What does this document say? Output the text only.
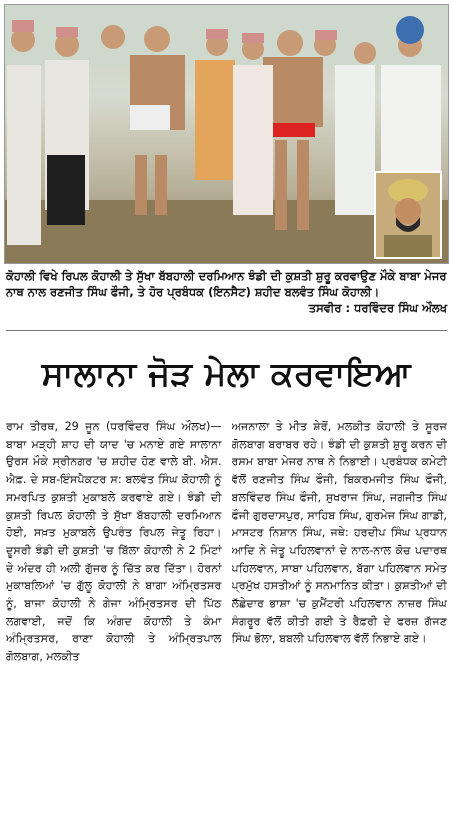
ਕੋਹਾਲੀ ਵਿਖੇ ਰਿਪਲ ਕੋਹਾਲੀ ਤੇ ਸੁੱਖਾ ਬੱਬਹਾਲੀ ਦਰਮਿਆਨ ਝੰਡੀ ਦੀ ਕੁਸ਼ਤੀ ਸ਼ੁਰੂ ਕਰਵਾਉਣ ਮੌਕੇ ਬਾਬਾ ਮੇਜਰ ਨਾਥ ਨਾਲ ਰਣਜੀਤ ਸਿੰਘ ਫੌਜੀ, ਤੇ ਹੋਰ ਪ੍ਰਬੰਧਕ (ਇਨਸੈਟ) ਸ਼ਹੀਦ ਬਲਵੰਤ ਸਿੰਘ ਕੋਹਾਲੀ।
ਤਸਵੀਰ : ਧਰਵਿੰਦਰ ਸਿੰਘ ਔਲਖ
ਸਾਲਾਨਾ ਜੋੜ ਮੇਲਾ ਕਰਵਾਇਆ
ਰਾਮ ਤੀਰਥ, 29 ਜੂਨ (ਧਰਵਿੰਦਰ ਸਿੰਘ ਔਲਖ)—ਬਾਬਾ ਮੜ੍ਹੀ ਸ਼ਾਹ ਦੀ ਯਾਦ 'ਚ ਮਨਾਏ ਗਏ ਸਾਲਾਨਾ ਉਰਸ ਮੌਕੇ ਸ੍ਰੀਨਗਰ 'ਚ ਸ਼ਹੀਦ ਹੋਣ ਵਾਲੇ ਬੀ. ਐਸ. ਐਫ਼. ਦੇ ਸਬ-ਇੰਸਪੈਕਟਰ ਸ: ਬਲਵੰਤ ਸਿੰਘ ਕੋਹਾਲੀ ਨੂੰ ਸਮਰਪਿਤ ਕੁਸ਼ਤੀ ਮੁਕਾਬਲੇ ਕਰਵਾਏ ਗਏ। ਝੰਡੀ ਦੀ ਕੁਸ਼ਤੀ ਰਿਪਲ ਕੋਹਾਲੀ ਤੇ ਸੁੱਖਾ ਬੱਬਹਾਲੀ ਦਰਮਿਆਨ ਹੋਈ, ਸਖ਼ਤ ਮੁਕਾਬਲੇ ਉਪਰੰਤ ਰਿਪਲ ਜੇਤੂ ਰਿਹਾ। ਦੂਸਰੀ ਝੰਡੀ ਦੀ ਕੁਸ਼ਤੀ 'ਚ ਬਿੱਲਾ ਕੋਹਾਲੀ ਨੇ 2 ਮਿੰਟਾਂ ਦੇ ਅੰਦਰ ਹੀ ਅਲੀ ਗੁੱਜਰ ਨੂੰ ਚਿੱਤ ਕਰ ਦਿੱਤਾ। ਹੋਰਨਾਂ ਮੁਕਾਬਲਿਆਂ 'ਚ ਗੁੱਲੂ ਕੋਹਾਲੀ ਨੇ ਬਾਗਾ ਅੰਮ੍ਰਿਤਸਰ ਨੂੰ, ਬਾਜਾ ਕੋਹਾਲੀ ਨੇ ਗੇਜਾ ਅੰਮ੍ਰਿਤਸਰ ਦੀ ਪਿੱਠ ਲਗਵਾਈ, ਜਦੋਂ ਕਿ ਅੰਗਦ ਕੋਹਾਲੀ ਤੇ ਕੰਮਾ ਅੰਮ੍ਰਿਤਸਰ, ਰਾਣਾ ਕੋਹਾਲੀ ਤੇ ਅੰਮ੍ਰਿਤਪਾਲ ਗੋਲਬਾਗ, ਮਲਕੀਤ
ਅਜਨਾਲਾ ਤੇ ਮੀਤ ਸ਼ੇਰੋਂ, ਮਲਕੀਤ ਕੋਹਾਲੀ ਤੇ ਸੂਰਜ ਗੋਲਬਾਗ ਬਰਾਬਰ ਰਹੇ। ਝੰਡੀ ਦੀ ਕੁਸ਼ਤੀ ਸ਼ੁਰੂ ਕਰਨ ਦੀ ਰਸਮ ਬਾਬਾ ਮੇਜਰ ਨਾਥ ਨੇ ਨਿਭਾਈ। ਪ੍ਰਬੰਧਕ ਕਮੇਟੀ ਵੱਲੋਂ ਰਣਜੀਤ ਸਿੰਘ ਫੌਜੀ, ਬਿਕਰਮਜੀਤ ਸਿੰਘ ਫੌਜੀ, ਬਲਵਿੰਦਰ ਸਿੰਘ ਫੌਜੀ, ਸੁਖਰਾਜ ਸਿੰਘ, ਜਗਜੀਤ ਸਿੰਘ ਫੌਜੀ ਗੁਰਦਾਸਪੁਰ, ਸਾਹਿਬ ਸਿੰਘ, ਗੁਰਮੇਜ ਸਿੰਘ ਗਾਡੀ, ਮਾਸਟਰ ਨਿਸ਼ਾਨ ਸਿੰਘ, ਜਥੇ: ਹਰਦੀਪ ਸਿੰਘ ਪ੍ਰਧਾਨ ਆਦਿ ਨੇ ਜੇਤੂ ਪਹਿਲਵਾਨਾਂ ਦੇ ਨਾਲ-ਨਾਲ ਕੋਚ ਪਦਾਰਥ ਪਹਿਲਵਾਨ, ਸਾਬਾ ਪਹਿਲਵਾਨ, ਬੱਗਾ ਪਹਿਲਵਾਨ ਸਮੇਤ ਪ੍ਰਮੁੱਖ ਹਸਤੀਆਂ ਨੂੰ ਸਨਮਾਨਿਤ ਕੀਤਾ। ਕੁਸ਼ਤੀਆਂ ਦੀ ਲੱਛੇਦਾਰ ਭਾਸ਼ਾ 'ਚ ਕੁਮੈਂਟਰੀ ਪਹਿਲਵਾਨ ਨਾਜ਼ਰ ਸਿੰਘ ਸੰਗਰੂਰ ਵੱਲੋਂ ਕੀਤੀ ਗਈ ਤੇ ਰੈਫ਼ਰੀ ਦੇ ਫਰਜ਼ ਗੱਜਣ ਸਿੰਘ ਭੋਲਾ, ਬਬਲੀ ਪਹਿਲਵਾਲ ਵੱਲੋਂ ਨਿਭਾਏ ਗਏ।
